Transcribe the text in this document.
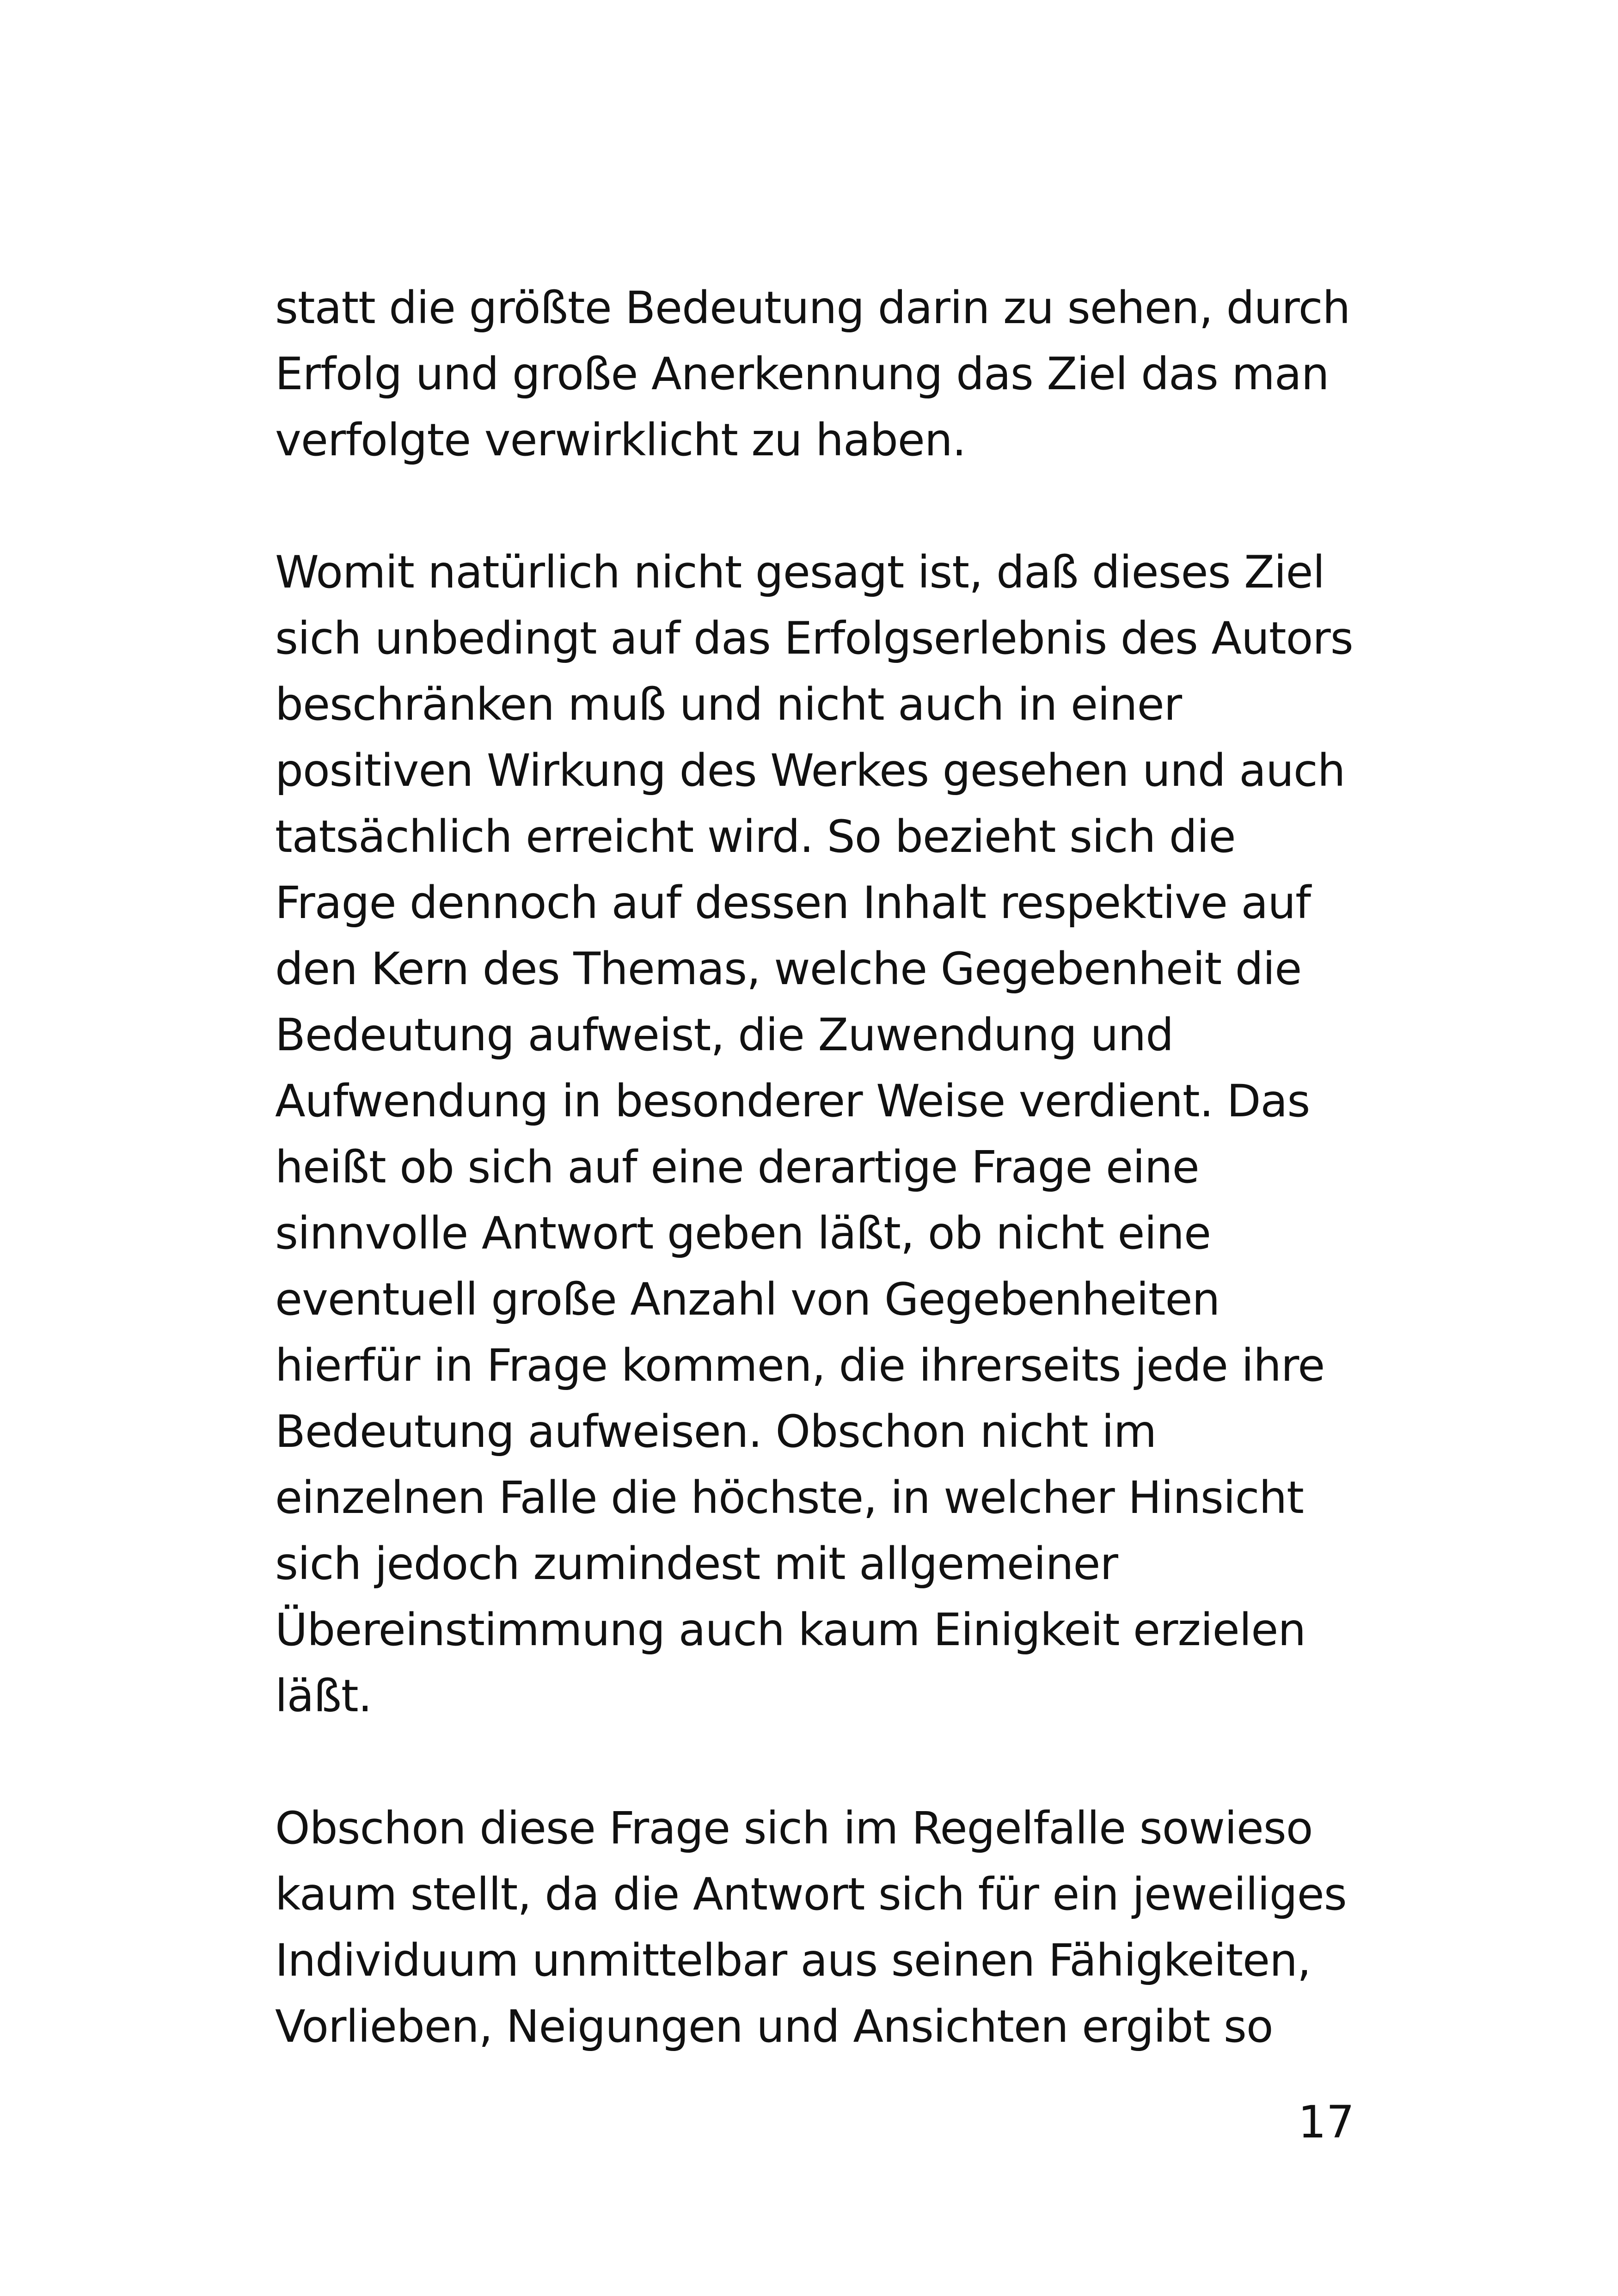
statt die größte Bedeutung darin zu sehen, durch
Erfolg und große Anerkennung das Ziel das man
verfolgte verwirklicht zu haben.

Womit natürlich nicht gesagt ist, daß dieses Ziel
sich unbedingt auf das Erfolgserlebnis des Autors
beschränken muß und nicht auch in einer
positiven Wirkung des Werkes gesehen und auch
tatsächlich erreicht wird. So bezieht sich die
Frage dennoch auf dessen Inhalt respektive auf
den Kern des Themas, welche Gegebenheit die
Bedeutung aufweist, die Zuwendung und
Aufwendung in besonderer Weise verdient. Das
heißt ob sich auf eine derartige Frage eine
sinnvolle Antwort geben läßt, ob nicht eine
eventuell große Anzahl von Gegebenheiten
hierfür in Frage kommen, die ihrerseits jede ihre
Bedeutung aufweisen. Obschon nicht im
einzelnen Falle die höchste, in welcher Hinsicht
sich jedoch zumindest mit allgemeiner
Übereinstimmung auch kaum Einigkeit erzielen
läßt.

Obschon diese Frage sich im Regelfalle sowieso
kaum stellt, da die Antwort sich für ein jeweiliges
Individuum unmittelbar aus seinen Fähigkeiten,
Vorlieben, Neigungen und Ansichten ergibt so

17
